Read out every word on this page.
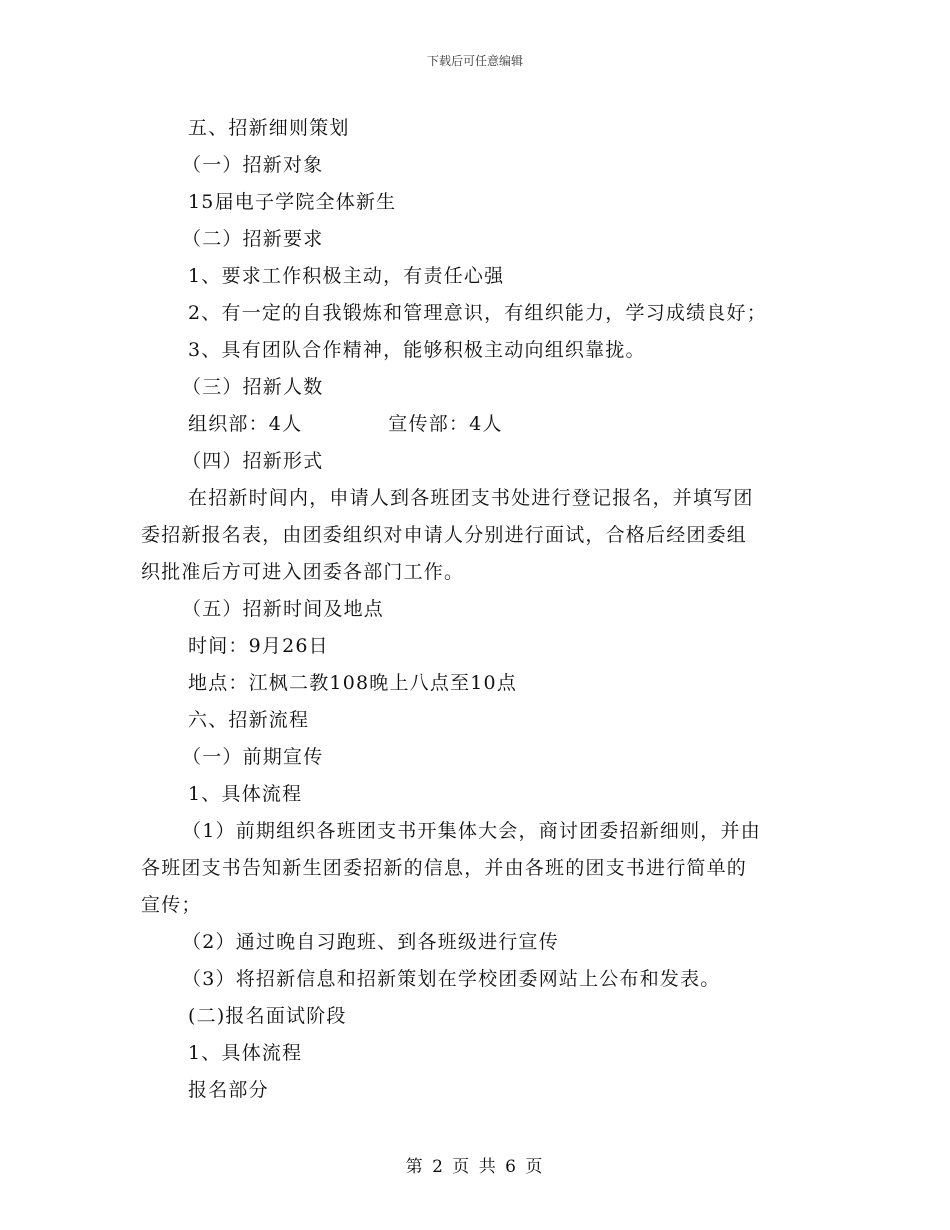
下载后可任意编辑
五、招新细则策划
（一）招新对象
15届电子学院全体新生
（二）招新要求
1、要求工作积极主动，有责任心强
2、有一定的自我锻炼和管理意识，有组织能力，学习成绩良好；
3、具有团队合作精神，能够积极主动向组织靠拢。
（三）招新人数
组织部：4人	宣传部：4人
（四）招新形式
在招新时间内，申请人到各班团支书处进行登记报名，并填写团
委招新报名表，由团委组织对申请人分别进行面试，合格后经团委组
织批准后方可进入团委各部门工作。
（五）招新时间及地点
时间：9月26日
地点：江枫二教108晚上八点至10点
六、招新流程
（一）前期宣传
1、具体流程
（1）前期组织各班团支书开集体大会，商讨团委招新细则，并由
各班团支书告知新生团委招新的信息，并由各班的团支书进行简单的
宣传；
（2）通过晚自习跑班、到各班级进行宣传
（3）将招新信息和招新策划在学校团委网站上公布和发表。
(二)报名面试阶段
1、具体流程
报名部分
第 2 页 共 6 页
